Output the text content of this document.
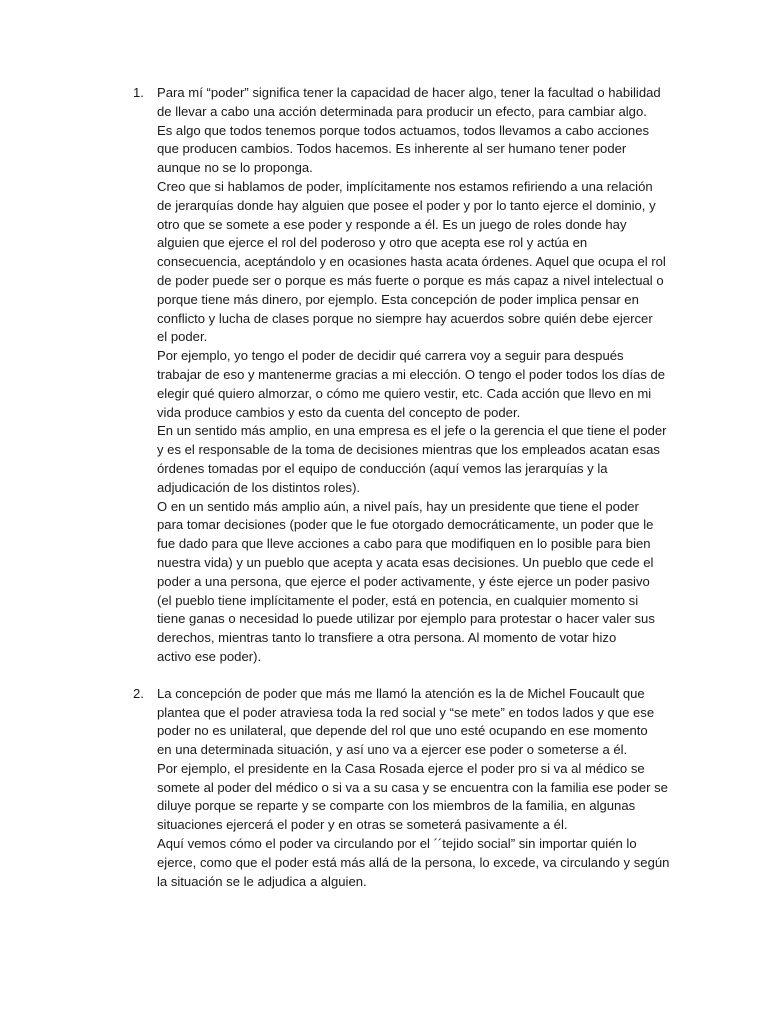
1. Para mí “poder” significa tener la capacidad de hacer algo, tener la facultad o habilidad
de llevar a cabo una acción determinada para producir un efecto, para cambiar algo.
Es algo que todos tenemos porque todos actuamos, todos llevamos a cabo acciones
que producen cambios. Todos hacemos. Es inherente al ser humano tener poder
aunque no se lo proponga.
Creo que si hablamos de poder, implícitamente nos estamos refiriendo a una relación
de jerarquías donde hay alguien que posee el poder y por lo tanto ejerce el dominio, y
otro que se somete a ese poder y responde a él. Es un juego de roles donde hay
alguien que ejerce el rol del poderoso y otro que acepta ese rol y actúa en
consecuencia, aceptándolo y en ocasiones hasta acata órdenes. Aquel que ocupa el rol
de poder puede ser o porque es más fuerte o porque es más capaz a nivel intelectual o
porque tiene más dinero, por ejemplo. Esta concepción de poder implica pensar en
conflicto y lucha de clases porque no siempre hay acuerdos sobre quién debe ejercer
el poder.
Por ejemplo, yo tengo el poder de decidir qué carrera voy a seguir para después
trabajar de eso y mantenerme gracias a mi elección. O tengo el poder todos los días de
elegir qué quiero almorzar, o cómo me quiero vestir, etc. Cada acción que llevo en mi
vida produce cambios y esto da cuenta del concepto de poder.
En un sentido más amplio, en una empresa es el jefe o la gerencia el que tiene el poder
y es el responsable de la toma de decisiones mientras que los empleados acatan esas
órdenes tomadas por el equipo de conducción (aquí vemos las jerarquías y la
adjudicación de los distintos roles).
O en un sentido más amplio aún, a nivel país, hay un presidente que tiene el poder
para tomar decisiones (poder que le fue otorgado democráticamente, un poder que le
fue dado para que lleve acciones a cabo para que modifiquen en lo posible para bien
nuestra vida) y un pueblo que acepta y acata esas decisiones. Un pueblo que cede el
poder a una persona, que ejerce el poder activamente, y éste ejerce un poder pasivo
(el pueblo tiene implícitamente el poder, está en potencia, en cualquier momento si
tiene ganas o necesidad lo puede utilizar por ejemplo para protestar o hacer valer sus
derechos, mientras tanto lo transfiere a otra persona. Al momento de votar hizo
activo ese poder).
2. La concepción de poder que más me llamó la atención es la de Michel Foucault que
plantea que el poder atraviesa toda la red social y “se mete” en todos lados y que ese
poder no es unilateral, que depende del rol que uno esté ocupando en ese momento
en una determinada situación, y así uno va a ejercer ese poder o someterse a él.
Por ejemplo, el presidente en la Casa Rosada ejerce el poder pro si va al médico se
somete al poder del médico o si va a su casa y se encuentra con la familia ese poder se
diluye porque se reparte y se comparte con los miembros de la familia, en algunas
situaciones ejercerá el poder y en otras se someterá pasivamente a él.
Aquí vemos cómo el poder va circulando por el ´´tejido social” sin importar quién lo
ejerce, como que el poder está más allá de la persona, lo excede, va circulando y según
la situación se le adjudica a alguien.
